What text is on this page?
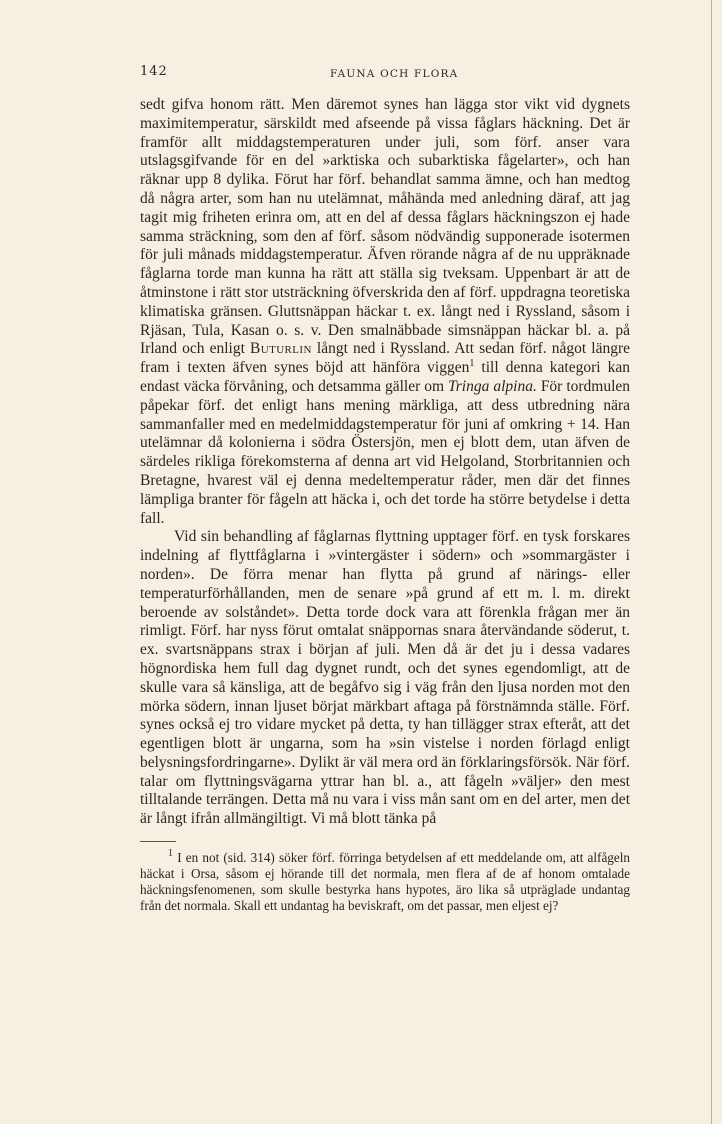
142	FAUNA OCH FLORA

sedt gifva honom rätt. Men däremot synes han lägga stor vikt vid dygnets maximitemperatur, särskildt med afseende på vissa fåglars häckning. Det är framför allt middagstemperaturen under juli, som förf. anser vara utslagsgifvande för en del »arktiska och subarktiska fågelarter», och han räknar upp 8 dylika. Förut har förf. behandlat samma ämne, och han medtog då några arter, som han nu utelämnat, måhända med anledning däraf, att jag tagit mig friheten erinra om, att en del af dessa fåglars häckningszon ej hade samma sträckning, som den af förf. såsom nödvändig supponerade isotermen för juli månads middagstemperatur. Äfven rörande några af de nu uppräknade fåglarna torde man kunna ha rätt att ställa sig tveksam. Uppenbart är att de åtminstone i rätt stor utsträckning öfverskrida den af förf. uppdragna teoretiska klimatiska gränsen. Gluttsnäppan häckar t. ex. långt ned i Ryssland, såsom i Rjäsan, Tula, Kasan o. s. v. Den smalnäbbade simsnäppan häckar bl. a. på Irland och enligt Buturlin långt ned i Ryssland. Att sedan förf. något längre fram i texten äfven synes böjd att hänföra viggen$^1$ till denna kategori kan endast väcka förvåning, och detsamma gäller om Tringa alpina. För tordmulen påpekar förf. det enligt hans mening märkliga, att dess utbredning nära sammanfaller med en medelmiddagstemperatur för juni af omkring + 14. Han utelämnar då kolonierna i södra Östersjön, men ej blott dem, utan äfven de särdeles rikliga förekomsterna af denna art vid Helgoland, Storbritannien och Bretagne, hvarest väl ej denna medeltemperatur råder, men där det finnes lämpliga branter för fågeln att häcka i, och det torde ha större betydelse i detta fall.

Vid sin behandling af fåglarnas flyttning upptager förf. en tysk forskares indelning af flyttfåglarna i »vintergäster i södern» och »sommargäster i norden». De förra menar han flytta på grund af närings- eller temperaturförhållanden, men de senare »på grund af ett m. l. m. direkt beroende av solståndet». Detta torde dock vara att förenkla frågan mer än rimligt. Förf. har nyss förut omtalat snäppornas snara återvändande söderut, t. ex. svartsnäppans strax i början af juli. Men då är det ju i dessa vadares högnordiska hem full dag dygnet rundt, och det synes egendomligt, att de skulle vara så känsliga, att de begåfvo sig i väg från den ljusa norden mot den mörka södern, innan ljuset börjat märkbart aftaga på förstnämnda ställe. Förf. synes också ej tro vidare mycket på detta, ty han tillägger strax efteråt, att det egentligen blott är ungarna, som ha »sin vistelse i norden förlagd enligt belysningsfordringarne». Dylikt är väl mera ord än förklaringsförsök. När förf. talar om flyttningsvägarna yttrar han bl. a., att fågeln »väljer» den mest tilltalande terrängen. Detta må nu vara i viss mån sant om en del arter, men det är långt ifrån allmängiltigt. Vi må blott tänka på

$^1$ I en not (sid. 314) söker förf. förringa betydelsen af ett meddelande om, att alfågeln häckat i Orsa, såsom ej hörande till det normala, men flera af de af honom omtalade häckningsfenomenen, som skulle bestyrka hans hypotes, äro lika så utpräglade undantag från det normala. Skall ett undantag ha beviskraft, om det passar, men eljest ej?
